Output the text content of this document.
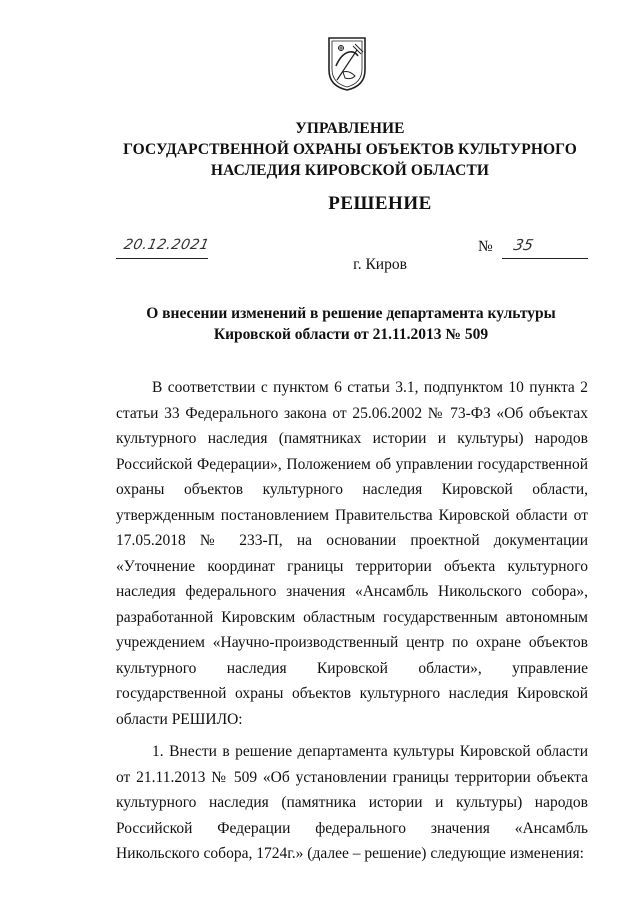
УПРАВЛЕНИЕ
ГОСУДАРСТВЕННОЙ ОХРАНЫ ОБЪЕКТОВ КУЛЬТУРНОГО
НАСЛЕДИЯ КИРОВСКОЙ ОБЛАСТИ
РЕШЕНИЕ
20.12.2021	№ 35
г. Киров
О внесении изменений в решение департамента культуры Кировской области от 21.11.2013 № 509

В соответствии с пунктом 6 статьи 3.1, подпунктом 10 пункта 2 статьи 33 Федерального закона от 25.06.2002 № 73-ФЗ «Об объектах культурного наследия (памятниках истории и культуры) народов Российской Федерации», Положением об управлении государственной охраны объектов культурного наследия Кировской области, утвержденным постановлением Правительства Кировской области от 17.05.2018 № 233-П, на основании проектной документации «Уточнение координат границы территории объекта культурного наследия федерального значения «Ансамбль Никольского собора», разработанной Кировским областным государственным автономным учреждением «Научно-производственный центр по охране объектов культурного наследия Кировской области», управление государственной охраны объектов культурного наследия Кировской области РЕШИЛО:

1. Внести в решение департамента культуры Кировской области от 21.11.2013 № 509 «Об установлении границы территории объекта культурного наследия (памятника истории и культуры) народов Российской Федерации федерального значения «Ансамбль Никольского собора, 1724г.» (далее – решение) следующие изменения:
